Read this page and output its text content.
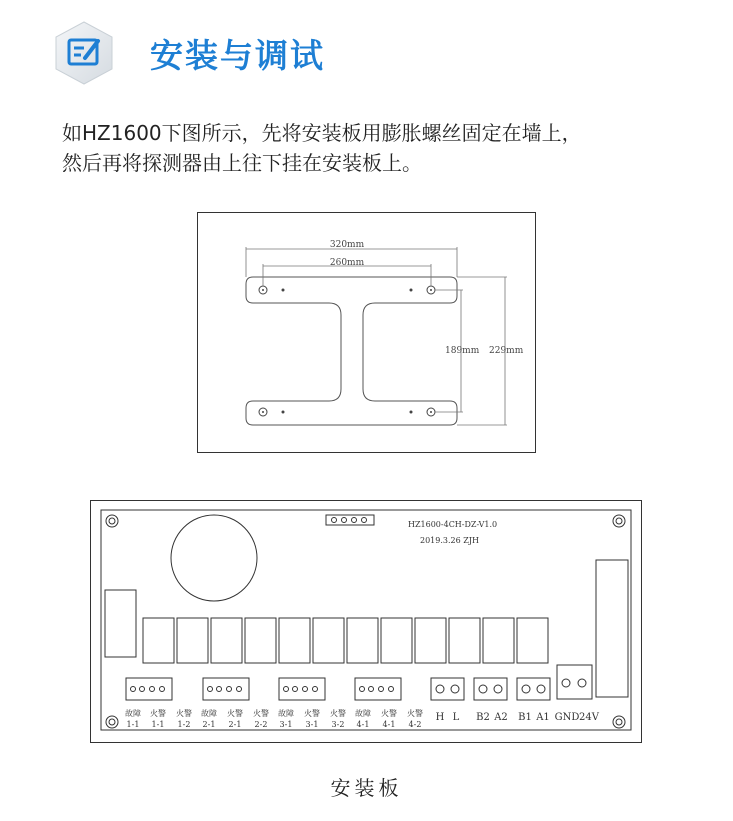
安装与调试
如HZ1600下图所示，先将安装板用膨胀螺丝固定在墙上，
然后再将探测器由上往下挂在安装板上。
320mm
260mm
189mm 229mm
HZ1600-4CH-DZ-V1.0
2019.3.26 ZJH
故障
1-1
火警
1-1
火警
1-2
故障
2-1
火警
2-1
火警
2-2
故障
3-1
火警
3-1
火警
3-2
故障
4-1
火警
4-1
火警
4-2
H L B2 A2 B1 A1 GND 24V
安装板
